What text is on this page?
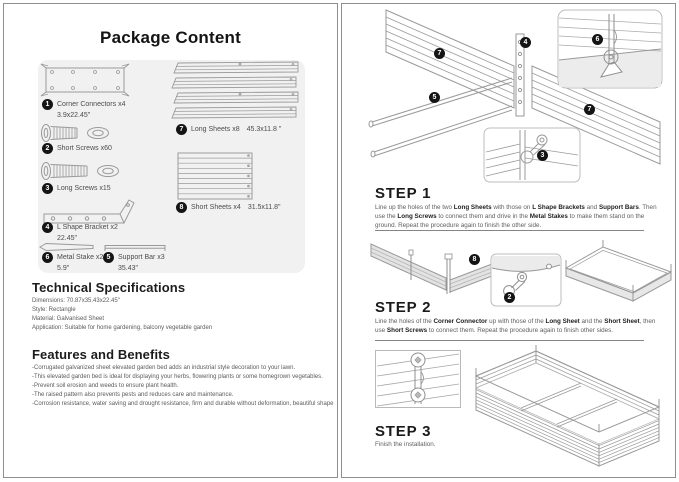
Package Content
1	Corner Connectors x4
3.9x22.45"
2	Short Screws x60
3	Long Screws x15
4	L Shape Bracket x2
22.45"
6	Metal Stake x2
5.9"
5	Support Bar x3
35.43"
7	Long Sheets x8 45.3x11.8 "
8	Short Sheets x4 31.5x11.8"
Technical Specifications
Dimensions: 70.87x35.43x22.45"
Style: Rectangle
Material: Galvanised Sheet
Application: Suitable for home gardening, balcony vegetable garden
Features and Benefits
-Corrugated galvanized sheet elevated garden bed adds an industrial style decoration to your lawn.
-This elevated garden bed is ideal for displaying your herbs, flowering plants or some homegrown vegetables.
-Prevent soil erosion and weeds to ensure plant health.
-The raised pattern also prevents pests and reduces care and maintenance.
-Corrosion resistance, water saving and drought resistance, firm and durable without deformation, beautiful shape
7
4
5
6
7
3
STEP 1
Line up the holes of the two Long Sheets with those on L Shape Brackets and Support Bars. Then use the Long Screws to connect them and drive in the Metal Stakes to make them stand on the ground. Repeat the procedure again to finish the other side.
8
2
STEP 2
Line the holes of the Corner Connector up with those of the Long Sheet and the Short Sheet, then use Short Screws to connect them. Repeat the procedure again to finish other sides.
STEP 3
Finish the installation.
